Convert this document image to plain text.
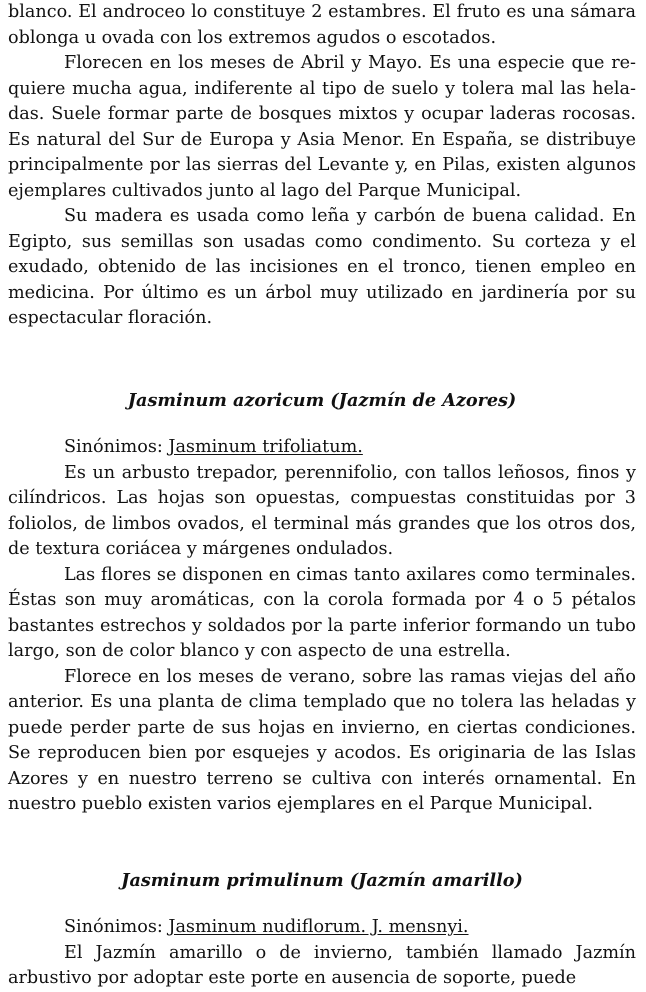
blanco. El androceo lo constituye 2 estambres. El fruto es una sámara oblonga u ovada con los extremos agudos o escotados.

Florecen en los meses de Abril y Mayo. Es una especie que requiere mucha agua, indiferente al tipo de suelo y tolera mal las heladas. Suele formar parte de bosques mixtos y ocupar laderas rocosas. Es natural del Sur de Europa y Asia Menor. En España, se distribuye principalmente por las sierras del Levante y, en Pilas, existen algunos ejemplares cultivados junto al lago del Parque Municipal.

Su madera es usada como leña y carbón de buena calidad. En Egipto, sus semillas son usadas como condimento. Su corteza y el exudado, obtenido de las incisiones en el tronco, tienen empleo en medicina. Por último es un árbol muy utilizado en jardinería por su espectacular floración.

Jasminum azoricum (Jazmín de Azores)

Sinónimos: Jasminum trifoliatum.

Es un arbusto trepador, perennifolio, con tallos leñosos, finos y cilíndricos. Las hojas son opuestas, compuestas constituidas por 3 foliolos, de limbos ovados, el terminal más grandes que los otros dos, de textura coriácea y márgenes ondulados.

Las flores se disponen en cimas tanto axilares como terminales. Éstas son muy aromáticas, con la corola formada por 4 o 5 pétalos bastantes estrechos y soldados por la parte inferior formando un tubo largo, son de color blanco y con aspecto de una estrella.

Florece en los meses de verano, sobre las ramas viejas del año anterior. Es una planta de clima templado que no tolera las heladas y puede perder parte de sus hojas en invierno, en ciertas condiciones. Se reproducen bien por esquejes y acodos. Es originaria de las Islas Azores y en nuestro terreno se cultiva con interés ornamental. En nuestro pueblo existen varios ejemplares en el Parque Municipal.

Jasminum primulinum (Jazmín amarillo)

Sinónimos: Jasminum nudiflorum. J. mensnyi.

El Jazmín amarillo o de invierno, también llamado Jazmín arbustivo por adoptar este porte en ausencia de soporte, puede
